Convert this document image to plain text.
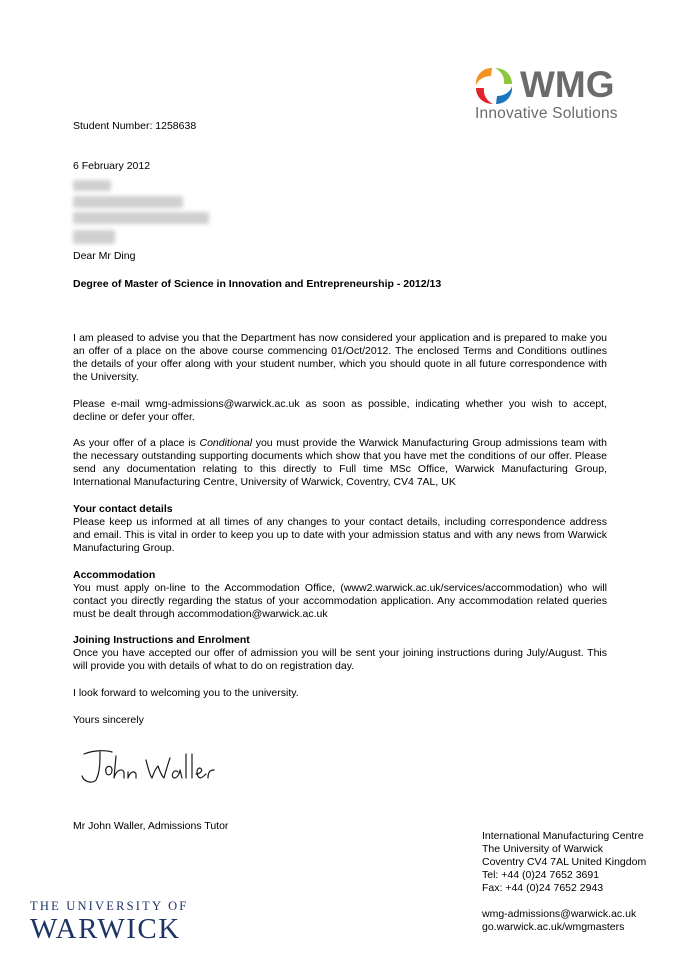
WMG
Innovative Solutions
Student Number: 1258638
6 February 2012
Dear Mr Ding
Degree of Master of Science in Innovation and Entrepreneurship - 2012/13
I am pleased to advise you that the Department has now considered your application and is prepared to make you an offer of a place on the above course commencing 01/Oct/2012. The enclosed Terms and Conditions outlines the details of your offer along with your student number, which you should quote in all future correspondence with the University.
Please e-mail wmg-admissions@warwick.ac.uk as soon as possible, indicating whether you wish to accept, decline or defer your offer.
As your offer of a place is Conditional you must provide the Warwick Manufacturing Group admissions team with the necessary outstanding supporting documents which show that you have met the conditions of our offer. Please send any documentation relating to this directly to Full time MSc Office, Warwick Manufacturing Group, International Manufacturing Centre, University of Warwick, Coventry, CV4 7AL, UK
Your contact details
Please keep us informed at all times of any changes to your contact details, including correspondence address and email. This is vital in order to keep you up to date with your admission status and with any news from Warwick Manufacturing Group.
Accommodation
You must apply on-line to the Accommodation Office, (www2.warwick.ac.uk/services/accommodation) who will contact you directly regarding the status of your accommodation application. Any accommodation related queries must be dealt through accommodation@warwick.ac.uk
Joining Instructions and Enrolment
Once you have accepted our offer of admission you will be sent your joining instructions during July/August. This will provide you with details of what to do on registration day.
I look forward to welcoming you to the university.
Yours sincerely
Mr John Waller, Admissions Tutor
International Manufacturing Centre
The University of Warwick
Coventry CV4 7AL United Kingdom
Tel: +44 (0)24 7652 3691
Fax: +44 (0)24 7652 2943
wmg-admissions@warwick.ac.uk
go.warwick.ac.uk/wmgmasters
THE UNIVERSITY OF
WARWICK
